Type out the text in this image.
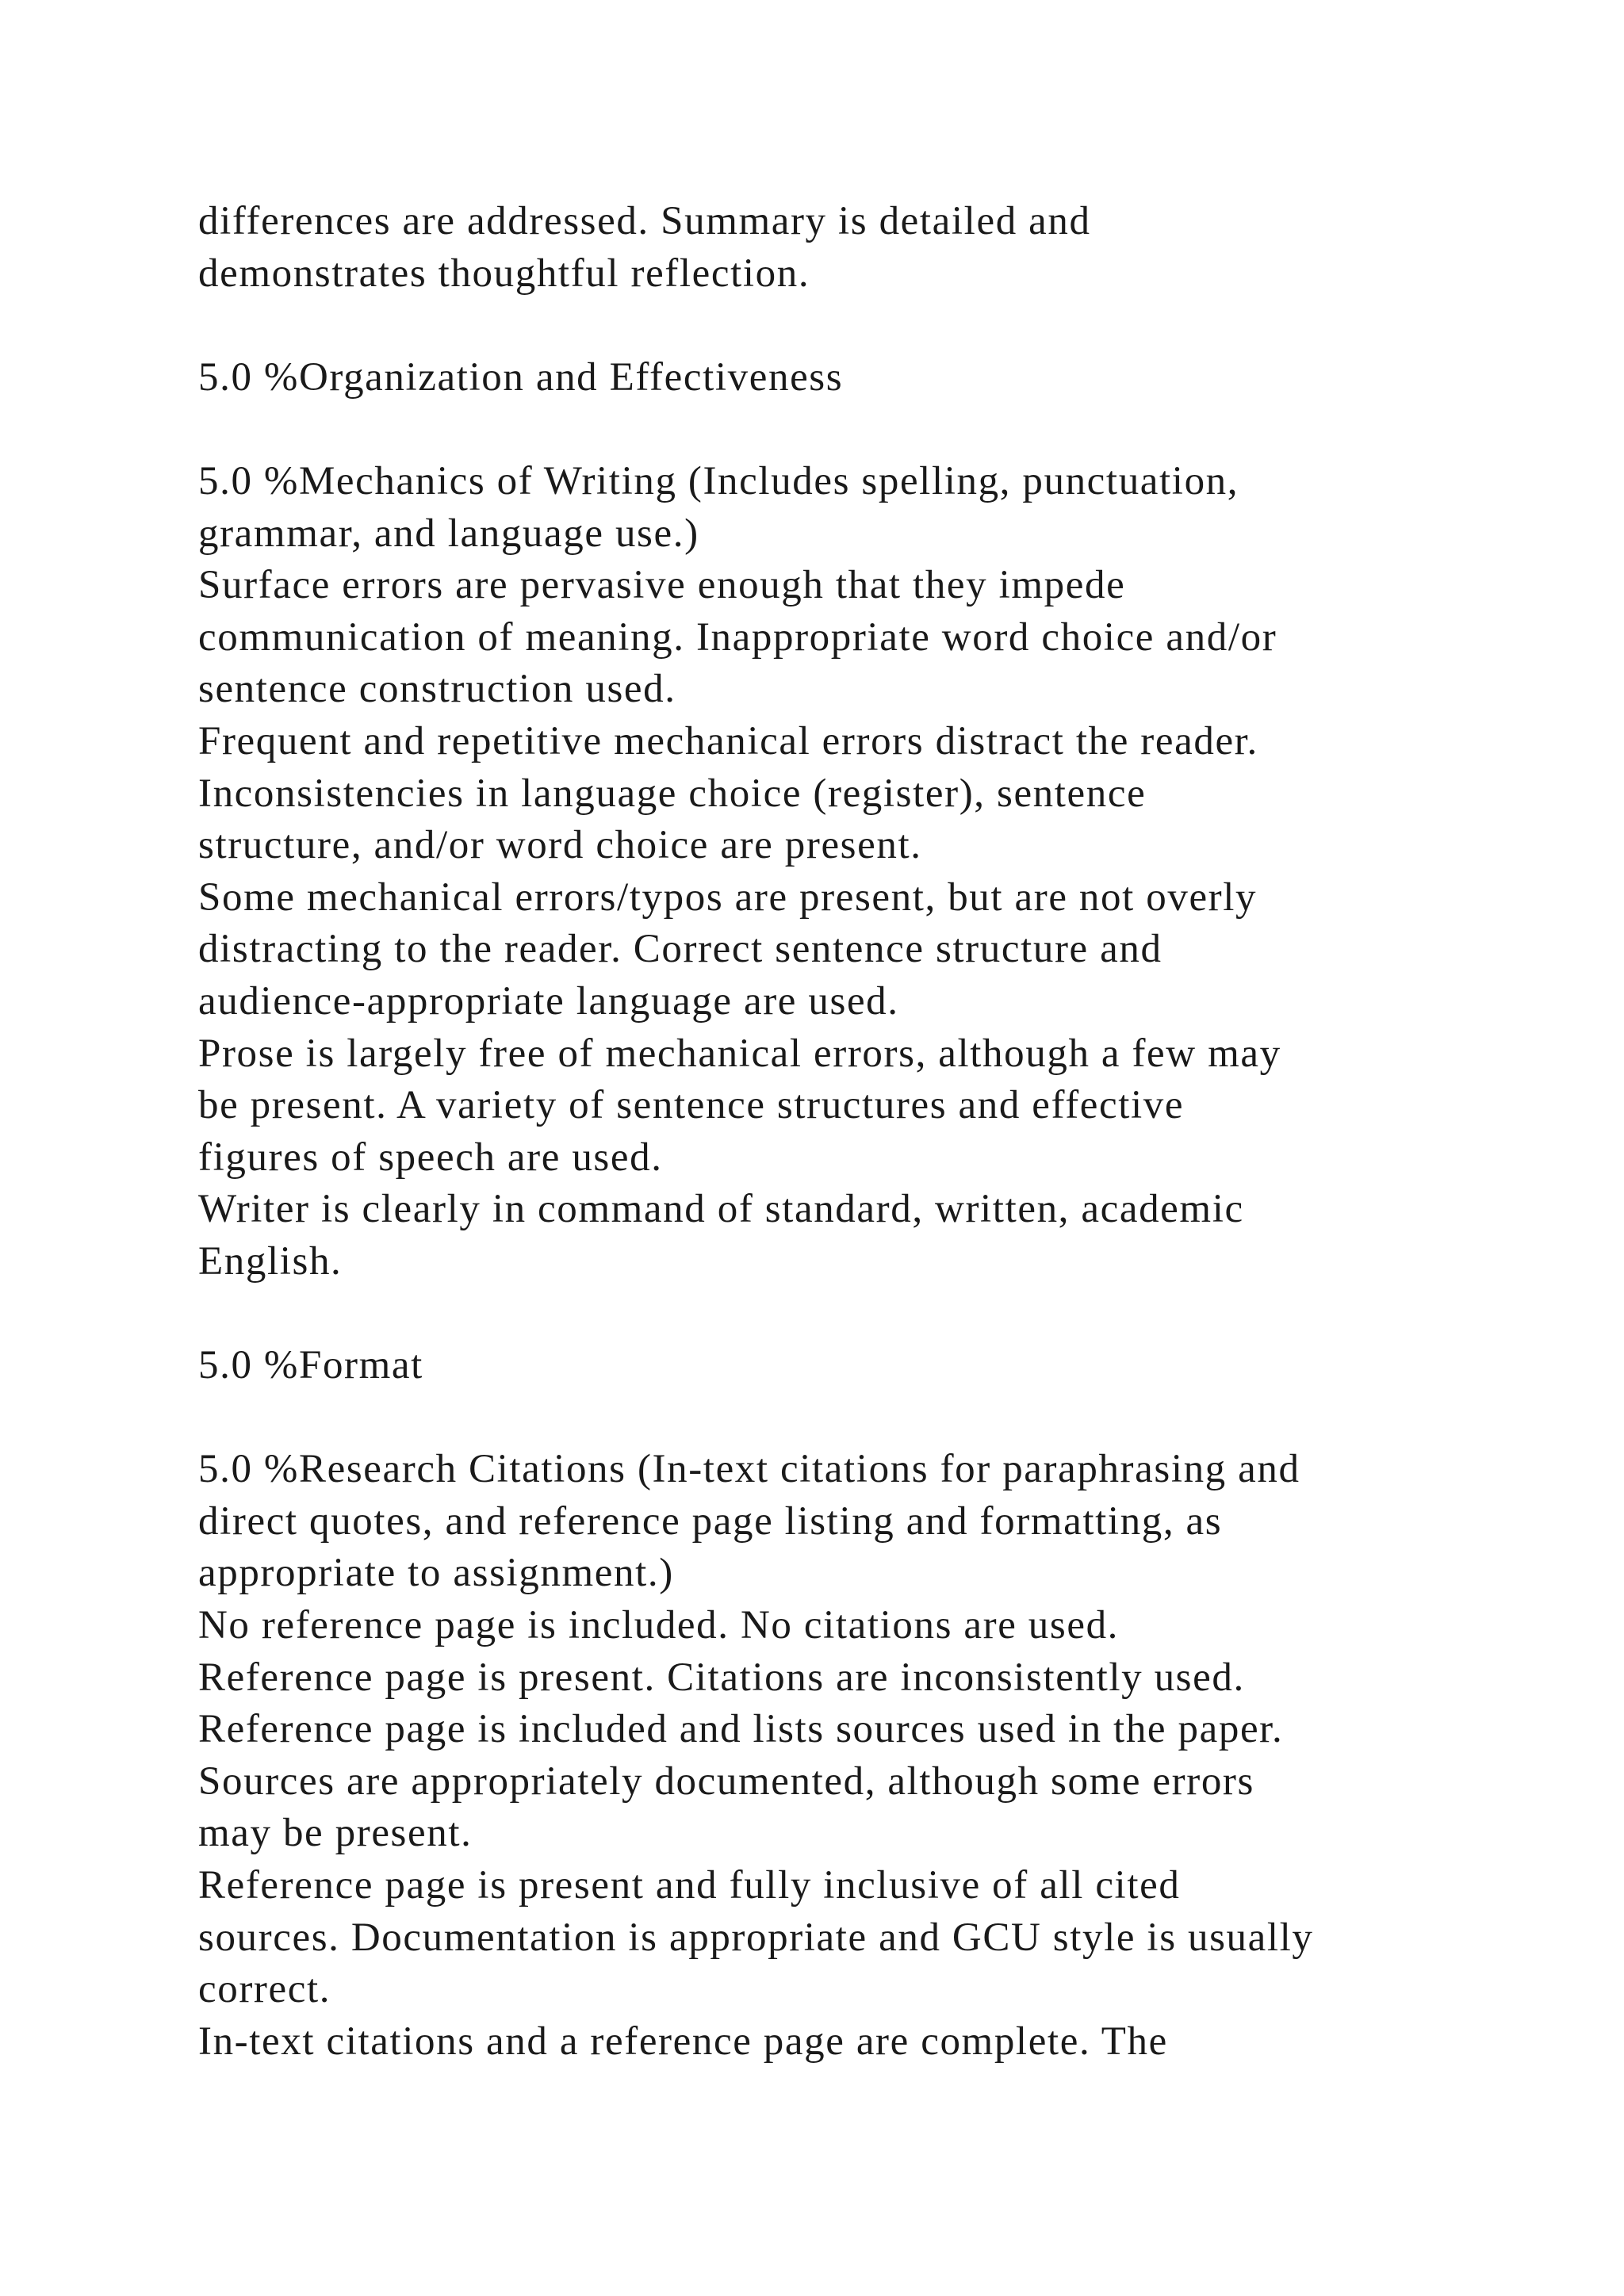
differences are addressed. Summary is detailed and
demonstrates thoughtful reflection.
5.0 %Organization and Effectiveness
5.0 %Mechanics of Writing (Includes spelling, punctuation,
grammar, and language use.)
Surface errors are pervasive enough that they impede
communication of meaning. Inappropriate word choice and/or
sentence construction used.
Frequent and repetitive mechanical errors distract the reader.
Inconsistencies in language choice (register), sentence
structure, and/or word choice are present.
Some mechanical errors/typos are present, but are not overly
distracting to the reader. Correct sentence structure and
audience-appropriate language are used.
Prose is largely free of mechanical errors, although a few may
be present. A variety of sentence structures and effective
figures of speech are used.
Writer is clearly in command of standard, written, academic
English.
5.0 %Format
5.0 %Research Citations (In-text citations for paraphrasing and
direct quotes, and reference page listing and formatting, as
appropriate to assignment.)
No reference page is included. No citations are used.
Reference page is present. Citations are inconsistently used.
Reference page is included and lists sources used in the paper.
Sources are appropriately documented, although some errors
may be present.
Reference page is present and fully inclusive of all cited
sources. Documentation is appropriate and GCU style is usually
correct.
In-text citations and a reference page are complete. The
